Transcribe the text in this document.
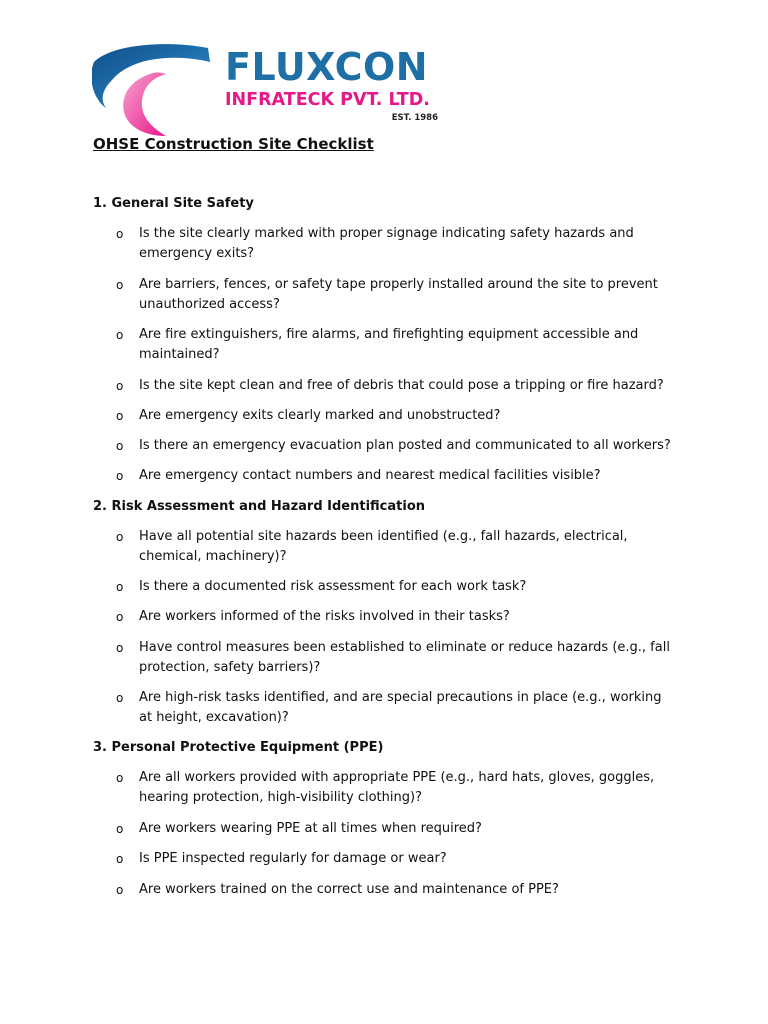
FLUXCON
INFRATECK PVT. LTD.
EST. 1986
OHSE Construction Site Checklist
1. General Site Safety
o	Is the site clearly marked with proper signage indicating safety hazards and emergency exits?
o	Are barriers, fences, or safety tape properly installed around the site to prevent unauthorized access?
o	Are fire extinguishers, fire alarms, and firefighting equipment accessible and maintained?
o	Is the site kept clean and free of debris that could pose a tripping or fire hazard?
o	Are emergency exits clearly marked and unobstructed?
o	Is there an emergency evacuation plan posted and communicated to all workers?
o	Are emergency contact numbers and nearest medical facilities visible?
2. Risk Assessment and Hazard Identification
o	Have all potential site hazards been identified (e.g., fall hazards, electrical, chemical, machinery)?
o	Is there a documented risk assessment for each work task?
o	Are workers informed of the risks involved in their tasks?
o	Have control measures been established to eliminate or reduce hazards (e.g., fall protection, safety barriers)?
o	Are high-risk tasks identified, and are special precautions in place (e.g., working at height, excavation)?
3. Personal Protective Equipment (PPE)
o	Are all workers provided with appropriate PPE (e.g., hard hats, gloves, goggles, hearing protection, high-visibility clothing)?
o	Are workers wearing PPE at all times when required?
o	Is PPE inspected regularly for damage or wear?
o	Are workers trained on the correct use and maintenance of PPE?
